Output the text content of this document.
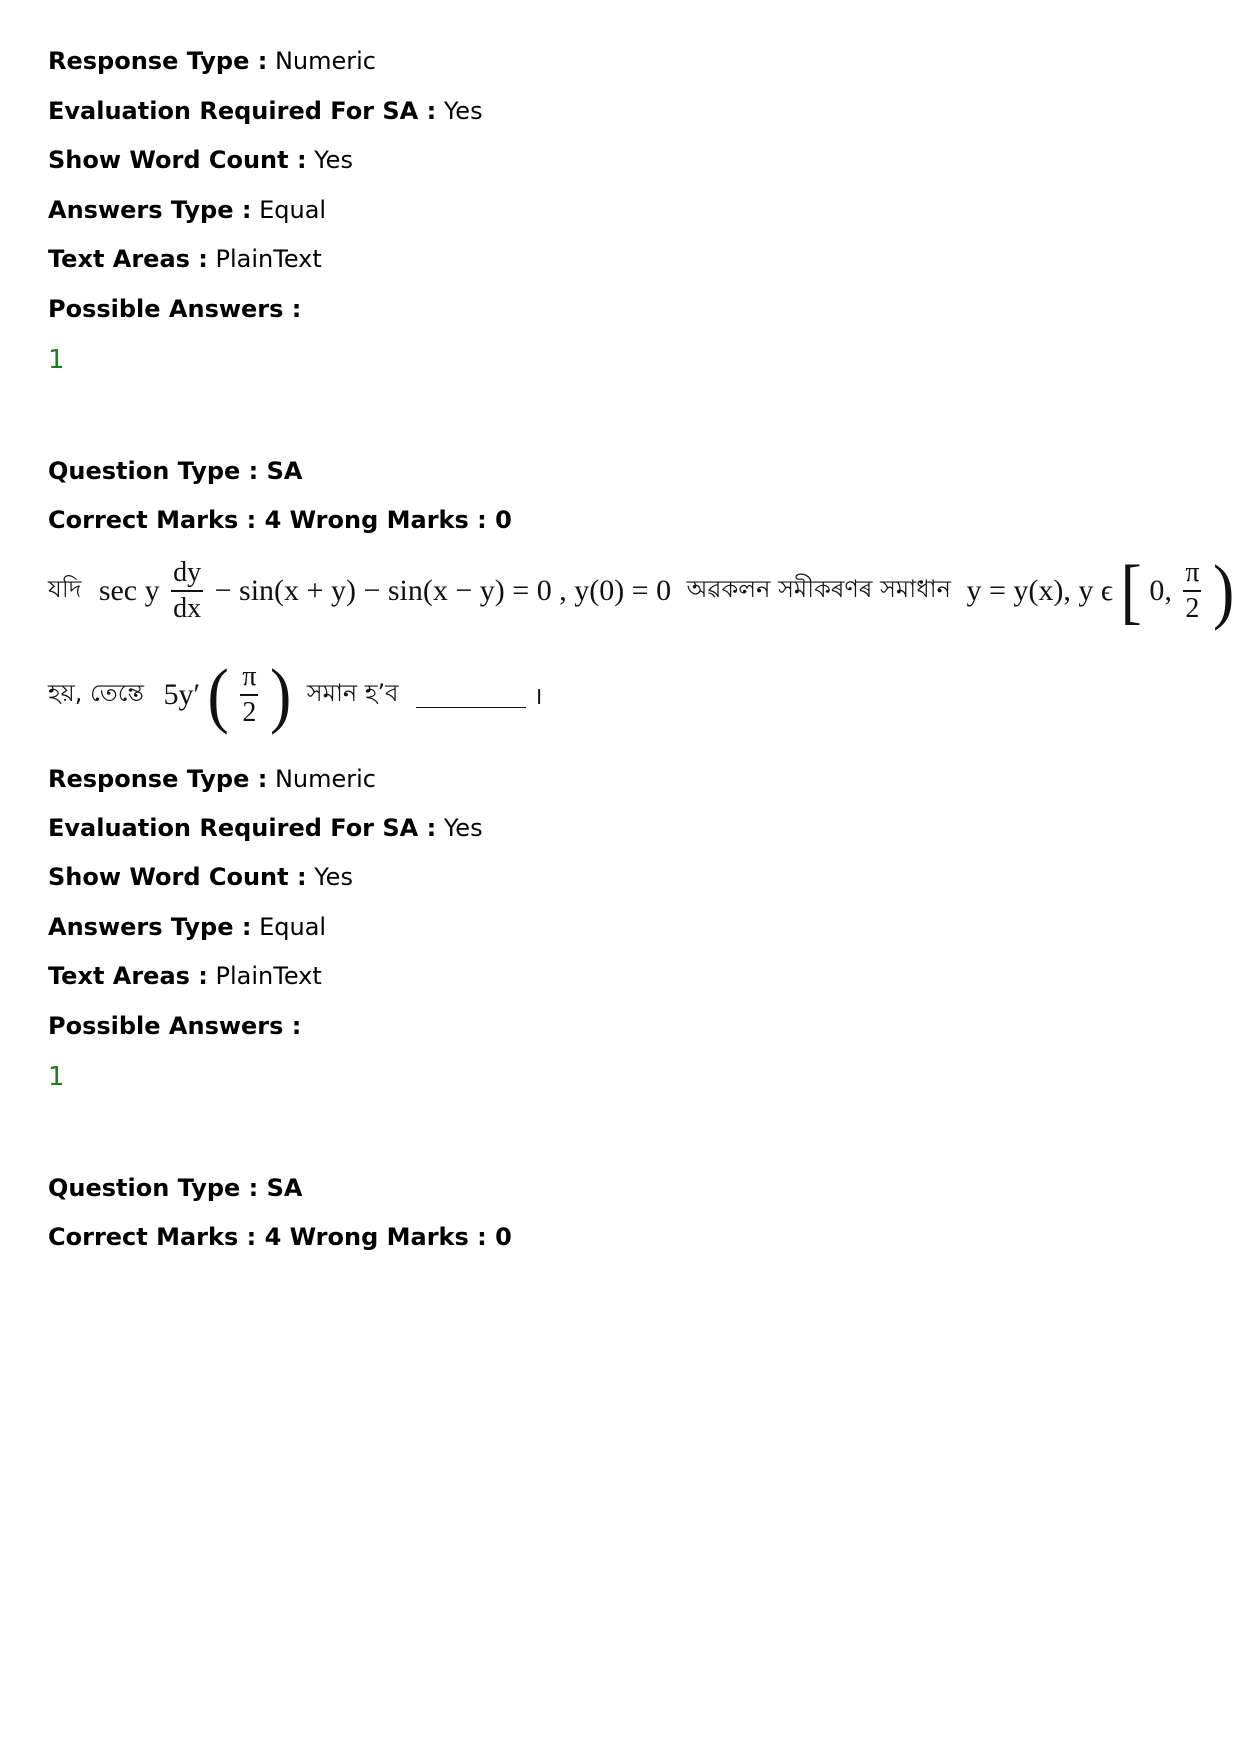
Response Type : Numeric
Evaluation Required For SA : Yes
Show Word Count : Yes
Answers Type : Equal
Text Areas : PlainText
Possible Answers :
1
Question Type : SA
Correct Marks : 4 Wrong Marks : 0
যদি sec y $\frac{dy}{dx} - \sin(x + y) - \sin(x - y) = 0$ , y(0) = 0 অৱকলন সমীকৰণৰ সমাধান y = y(x), y ϵ [ 0, $\frac{\pi}{2}$ )
হয়, তেন্তে 5y′ ( $\frac{\pi}{2}$ ) সমান হ’ব	।
Response Type : Numeric
Evaluation Required For SA : Yes
Show Word Count : Yes
Answers Type : Equal
Text Areas : PlainText
Possible Answers :
1
Question Type : SA
Correct Marks : 4 Wrong Marks : 0
